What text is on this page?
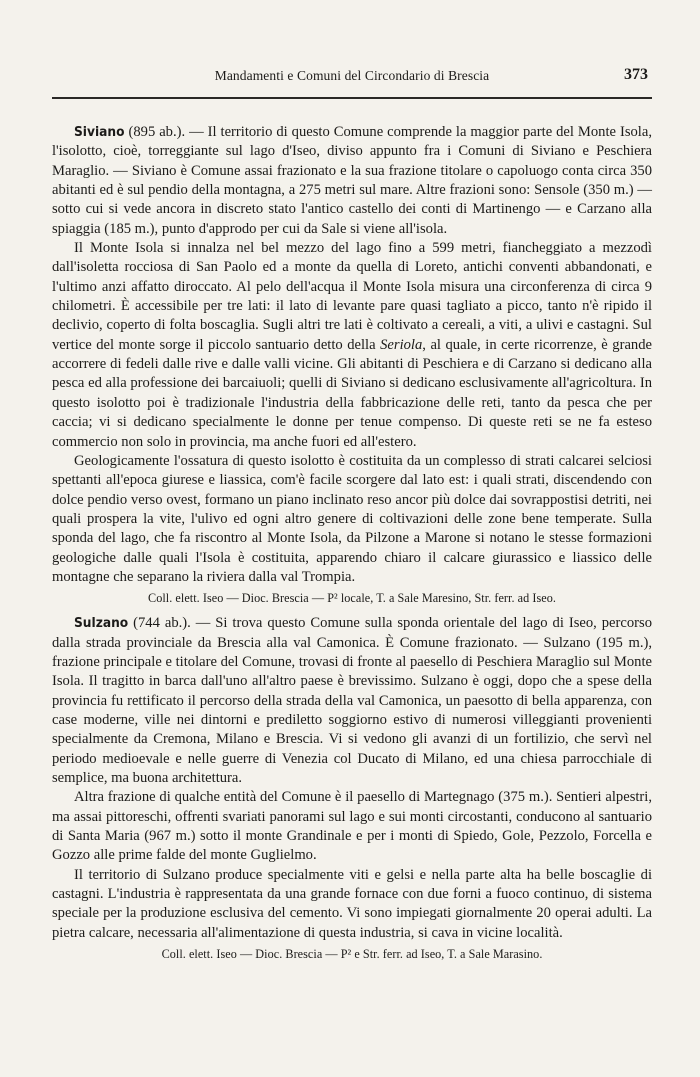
Mandamenti e Comuni del Circondario di Brescia	373

Siviano (895 ab.). — Il territorio di questo Comune comprende la maggior parte del Monte Isola, l'isolotto, cioè, torreggiante sul lago d'Iseo, diviso appunto fra i Comuni di Siviano e Peschiera Maraglio. — Siviano è Comune assai frazionato e la sua frazione titolare o capoluogo conta circa 350 abitanti ed è sul pendio della montagna, a 275 metri sul mare. Altre frazioni sono: Sensole (350 m.) — sotto cui si vede ancora in discreto stato l'antico castello dei conti di Martinengo — e Carzano alla spiaggia (185 m.), punto d'approdo per cui da Sale si viene all'isola.

Il Monte Isola si innalza nel bel mezzo del lago fino a 599 metri, fiancheggiato a mezzodì dall'isoletta rocciosa di San Paolo ed a monte da quella di Loreto, antichi conventi abbandonati, e l'ultimo anzi affatto diroccato. Al pelo dell'acqua il Monte Isola misura una circonferenza di circa 9 chilometri. È accessibile per tre lati: il lato di levante pare quasi tagliato a picco, tanto n'è ripido il declivio, coperto di folta boscaglia. Sugli altri tre lati è coltivato a cereali, a viti, a ulivi e castagni. Sul vertice del monte sorge il piccolo santuario detto della Seriola, al quale, in certe ricorrenze, è grande accorrere di fedeli dalle rive e dalle valli vicine. Gli abitanti di Peschiera e di Carzano si dedicano alla pesca ed alla professione dei barcaiuoli; quelli di Siviano si dedicano esclusivamente all'agricoltura. In questo isolotto poi è tradizionale l'industria della fabbricazione delle reti, tanto da pesca che per caccia; vi si dedicano specialmente le donne per tenue compenso. Di queste reti se ne fa esteso commercio non solo in provincia, ma anche fuori ed all'estero.

Geologicamente l'ossatura di questo isolotto è costituita da un complesso di strati calcarei selciosi spettanti all'epoca giurese e liassica, com'è facile scorgere dal lato est: i quali strati, discendendo con dolce pendio verso ovest, formano un piano inclinato reso ancor più dolce dai sovrappostisi detriti, nei quali prospera la vite, l'ulivo ed ogni altro genere di coltivazioni delle zone bene temperate. Sulla sponda del lago, che fa riscontro al Monte Isola, da Pilzone a Marone si notano le stesse formazioni geologiche dalle quali l'Isola è costituita, apparendo chiaro il calcare giurassico e liassico delle montagne che separano la riviera dalla val Trompia.

Coll. elett. Iseo — Dioc. Brescia — P² locale, T. a Sale Maresino, Str. ferr. ad Iseo.

Sulzano (744 ab.). — Si trova questo Comune sulla sponda orientale del lago di Iseo, percorso dalla strada provinciale da Brescia alla val Camonica. È Comune frazionato. — Sulzano (195 m.), frazione principale e titolare del Comune, trovasi di fronte al paesello di Peschiera Maraglio sul Monte Isola. Il tragitto in barca dall'uno all'altro paese è brevissimo. Sulzano è oggi, dopo che a spese della provincia fu rettificato il percorso della strada della val Camonica, un paesotto di bella apparenza, con case moderne, ville nei dintorni e prediletto soggiorno estivo di numerosi villeggianti provenienti specialmente da Cremona, Milano e Brescia. Vi si vedono gli avanzi di un fortilizio, che servì nel periodo medioevale e nelle guerre di Venezia col Ducato di Milano, ed una chiesa parrocchiale di semplice, ma buona architettura.

Altra frazione di qualche entità del Comune è il paesello di Martegnago (375 m.). Sentieri alpestri, ma assai pittoreschi, offrenti svariati panorami sul lago e sui monti circostanti, conducono al santuario di Santa Maria (967 m.) sotto il monte Grandinale e per i monti di Spiedo, Gole, Pezzolo, Forcella e Gozzo alle prime falde del monte Guglielmo.

Il territorio di Sulzano produce specialmente viti e gelsi e nella parte alta ha belle boscaglie di castagni. L'industria è rappresentata da una grande fornace con due forni a fuoco continuo, di sistema speciale per la produzione esclusiva del cemento. Vi sono impiegati giornalmente 20 operai adulti. La pietra calcare, necessaria all'alimentazione di questa industria, si cava in vicine località.

Coll. elett. Iseo — Dioc. Brescia — P² e Str. ferr. ad Iseo, T. a Sale Marasino.
